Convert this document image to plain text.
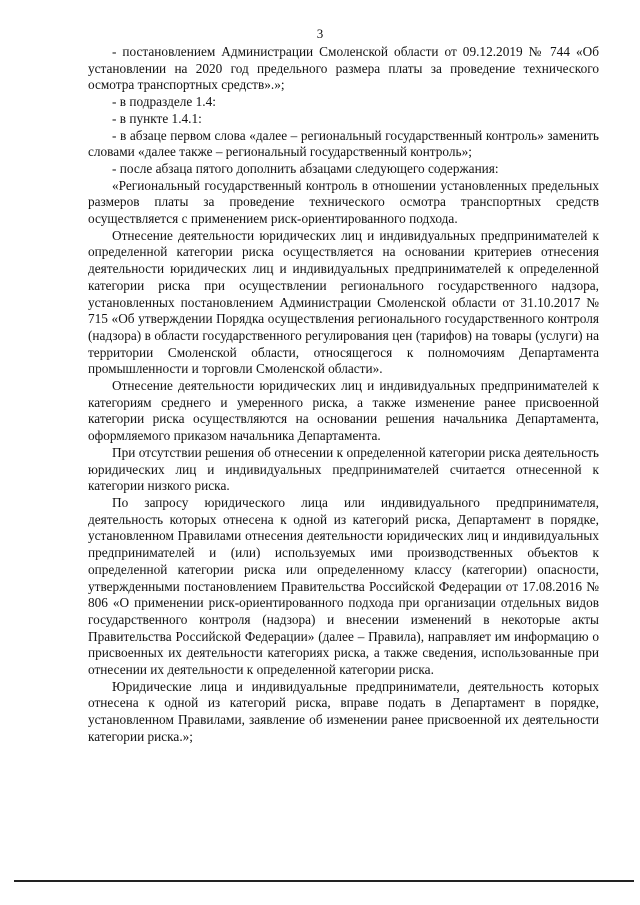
3

- постановлением Администрации Смоленской области от 09.12.2019 № 744 «Об установлении на 2020 год предельного размера платы за проведение технического осмотра транспортных средств».»;

- в подразделе 1.4:

- в пункте 1.4.1:

- в абзаце первом слова «далее – региональный государственный контроль» заменить словами «далее также – региональный государственный контроль»;

- после абзаца пятого дополнить абзацами следующего содержания:

«Региональный государственный контроль в отношении установленных предельных размеров платы за проведение технического осмотра транспортных средств осуществляется с применением риск-ориентированного подхода.

Отнесение деятельности юридических лиц и индивидуальных предпринимателей к определенной категории риска осуществляется на основании критериев отнесения деятельности юридических лиц и индивидуальных предпринимателей к определенной категории риска при осуществлении регионального государственного надзора, установленных постановлением Администрации Смоленской области от 31.10.2017 № 715 «Об утверждении Порядка осуществления регионального государственного контроля (надзора) в области государственного регулирования цен (тарифов) на товары (услуги) на территории Смоленской области, относящегося к полномочиям Департамента промышленности и торговли Смоленской области».

Отнесение деятельности юридических лиц и индивидуальных предпринимателей к категориям среднего и умеренного риска, а также изменение ранее присвоенной категории риска осуществляются на основании решения начальника Департамента, оформляемого приказом начальника Департамента.

При отсутствии решения об отнесении к определенной категории риска деятельность юридических лиц и индивидуальных предпринимателей считается отнесенной к категории низкого риска.

По запросу юридического лица или индивидуального предпринимателя, деятельность которых отнесена к одной из категорий риска, Департамент в порядке, установленном Правилами отнесения деятельности юридических лиц и индивидуальных предпринимателей и (или) используемых ими производственных объектов к определенной категории риска или определенному классу (категории) опасности, утвержденными постановлением Правительства Российской Федерации от 17.08.2016 № 806 «О применении риск-ориентированного подхода при организации отдельных видов государственного контроля (надзора) и внесении изменений в некоторые акты Правительства Российской Федерации» (далее – Правила), направляет им информацию о присвоенных их деятельности категориях риска, а также сведения, использованные при отнесении их деятельности к определенной категории риска.

Юридические лица и индивидуальные предприниматели, деятельность которых отнесена к одной из категорий риска, вправе подать в Департамент в порядке, установленном Правилами, заявление об изменении ранее присвоенной их деятельности категории риска.»;
